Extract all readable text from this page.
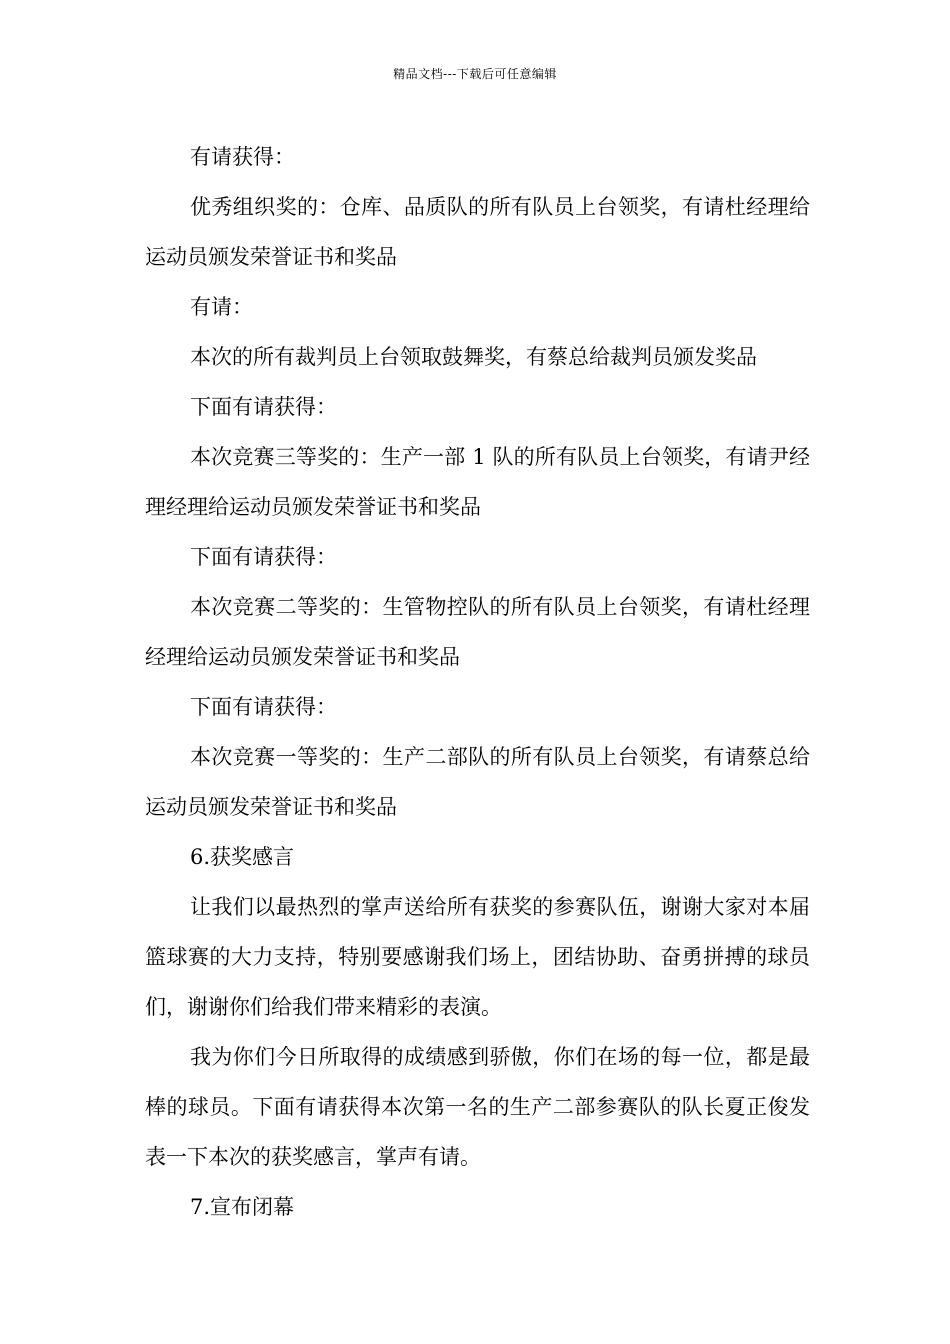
精品文档---下载后可任意编辑

有请获得：

优秀组织奖的：仓库、品质队的所有队员上台领奖，有请杜经理给运动员颁发荣誉证书和奖品

有请：

本次的所有裁判员上台领取鼓舞奖，有蔡总给裁判员颁发奖品

下面有请获得：

本次竞赛三等奖的：生产一部 1 队的所有队员上台领奖，有请尹经理经理给运动员颁发荣誉证书和奖品

下面有请获得：

本次竞赛二等奖的：生管物控队的所有队员上台领奖，有请杜经理经理给运动员颁发荣誉证书和奖品

下面有请获得：

本次竞赛一等奖的：生产二部队的所有队员上台领奖，有请蔡总给运动员颁发荣誉证书和奖品

6.获奖感言

让我们以最热烈的掌声送给所有获奖的参赛队伍，谢谢大家对本届篮球赛的大力支持，特别要感谢我们场上，团结协助、奋勇拼搏的球员们，谢谢你们给我们带来精彩的表演。

我为你们今日所取得的成绩感到骄傲，你们在场的每一位，都是最棒的球员。下面有请获得本次第一名的生产二部参赛队的队长夏正俊发表一下本次的获奖感言，掌声有请。

7.宣布闭幕
